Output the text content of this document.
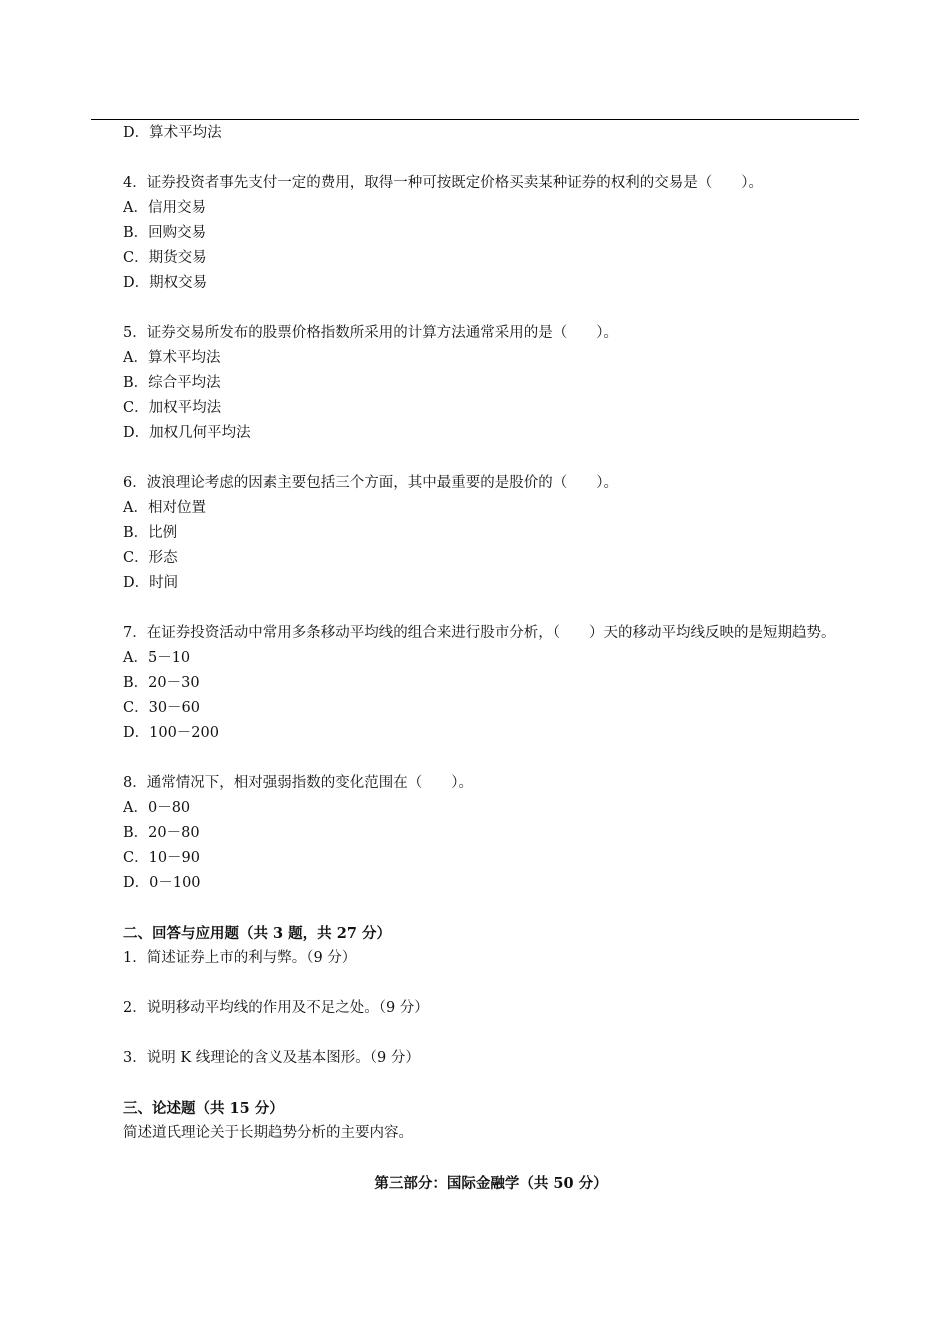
D．算术平均法
4．证券投资者事先支付一定的费用，取得一种可按既定价格买卖某种证券的权利的交易是（　　）。
A．信用交易
B．回购交易
C．期货交易
D．期权交易
5．证券交易所发布的股票价格指数所采用的计算方法通常采用的是（　　）。
A．算术平均法
B．综合平均法
C．加权平均法
D．加权几何平均法
6．波浪理论考虑的因素主要包括三个方面，其中最重要的是股价的（　　）。
A．相对位置
B．比例
C．形态
D．时间
7．在证券投资活动中常用多条移动平均线的组合来进行股市分析，（　　）天的移动平均线反映的是短期趋势。
A．5－10
B．20－30
C．30－60
D．100－200
8．通常情况下，相对强弱指数的变化范围在（　　）。
A．0－80
B．20－80
C．10－90
D．0－100
二、回答与应用题（共 3 题，共 27 分）
1．简述证券上市的利与弊。（9 分）
2．说明移动平均线的作用及不足之处。（9 分）
3．说明 K 线理论的含义及基本图形。（9 分）
三、论述题（共 15 分）
简述道氏理论关于长期趋势分析的主要内容。
第三部分：国际金融学（共 50 分）
